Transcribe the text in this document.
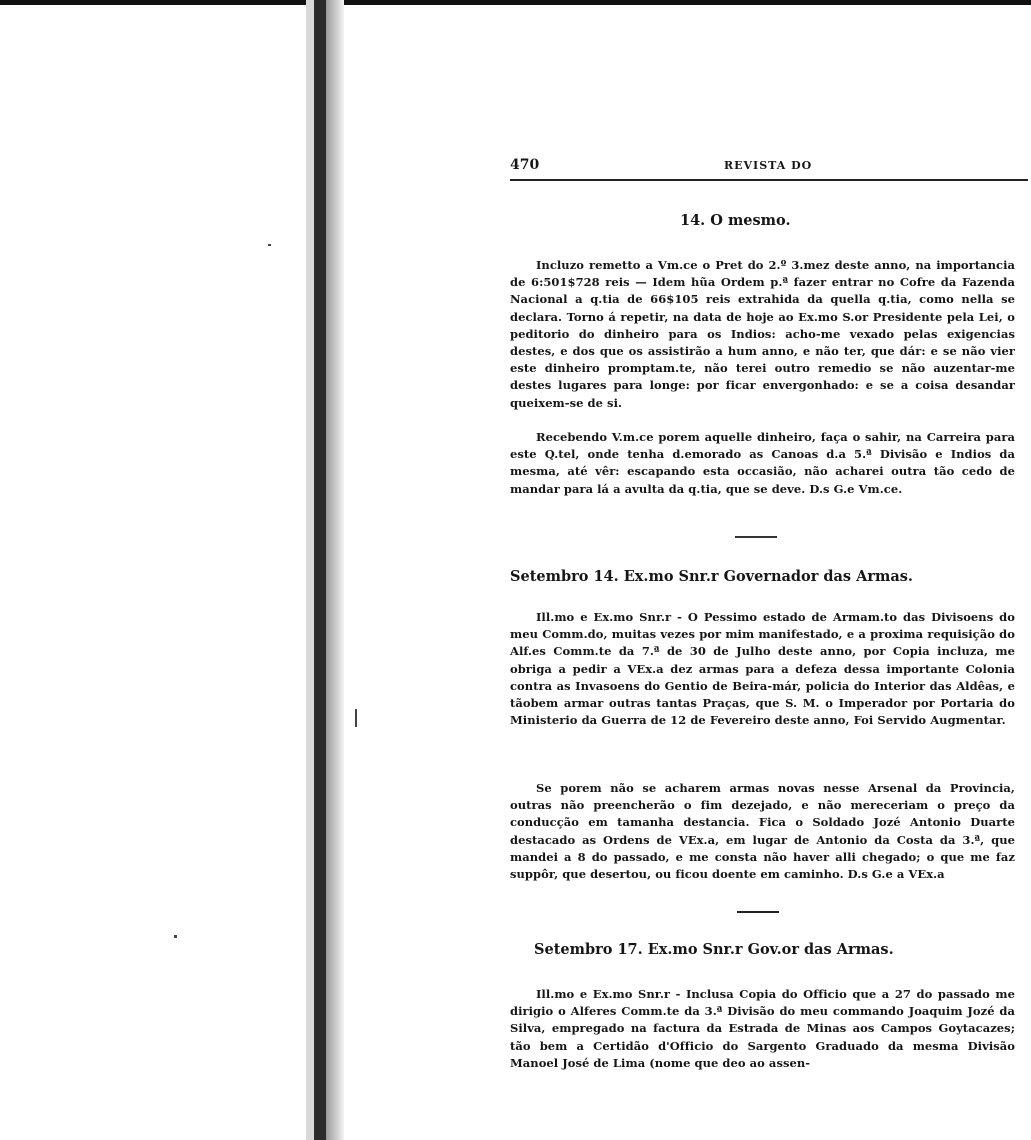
470	REVISTA DO
14. O mesmo.

Incluzo remetto a Vm.ce o Pret do 2.º 3.mez deste anno, na importancia de 6:501$728 reis — Idem hũa Ordem p.ª fazer entrar no Cofre da Fazenda Nacional a q.tia de 66$105 reis extrahida da quella q.tia, como nella se declara. Torno á repetir, na data de hoje ao Ex.mo S.or Presidente pela Lei, o peditorio do dinheiro para os Indios: acho-me vexado pelas exigencias destes, e dos que os assistirão a hum anno, e não ter, que dár: e se não vier este dinheiro promptam.te, não terei outro remedio se não auzentar-me destes lugares para longe: por ficar envergonhado: e se a coisa desandar queixem-se de si.

Recebendo V.m.ce porem aquelle dinheiro, faça o sahir, na Carreira para este Q.tel, onde tenha d.emorado as Canoas d.a 5.ª Divisão e Indios da mesma, até vêr: escapando esta occasião, não acharei outra tão cedo de mandar para lá a avulta da q.tia, que se deve. D.s G.e Vm.ce.

Setembro 14. Ex.mo Snr.r Governador das Armas.

Ill.mo e Ex.mo Snr.r - O Pessimo estado de Armam.to das Divisoens do meu Comm.do, muitas vezes por mim manifestado, e a proxima requisição do Alf.es Comm.te da 7.ª de 30 de Julho deste anno, por Copia incluza, me obriga a pedir a VEx.a dez armas para a defeza dessa importante Colonia contra as Invasoens do Gentio de Beira-már, policia do Interior das Aldêas, e tãobem armar outras tantas Praças, que S. M. o Imperador por Portaria do Ministerio da Guerra de 12 de Fevereiro deste anno, Foi Servido Augmentar.

Se porem não se acharem armas novas nesse Arsenal da Provincia, outras não preencherão o fim dezejado, e não mereceriam o preço da conducção em tamanha destancia. Fica o Soldado Jozé Antonio Duarte destacado as Ordens de VEx.a, em lugar de Antonio da Costa da 3.ª, que mandei a 8 do passado, e me consta não haver alli chegado; o que me faz suppôr, que desertou, ou ficou doente em caminho. D.s G.e a VEx.a

Setembro 17. Ex.mo Snr.r Gov.or das Armas.

Ill.mo e Ex.mo Snr.r - Inclusa Copia do Officio que a 27 do passado me dirigio o Alferes Comm.te da 3.ª Divisão do meu commando Joaquim Jozé da Silva, empregado na factura da Estrada de Minas aos Campos Goytacazes; tão bem a Certidão d'Officio do Sargento Graduado da mesma Divisão Manoel José de Lima (nome que deo ao assen-
